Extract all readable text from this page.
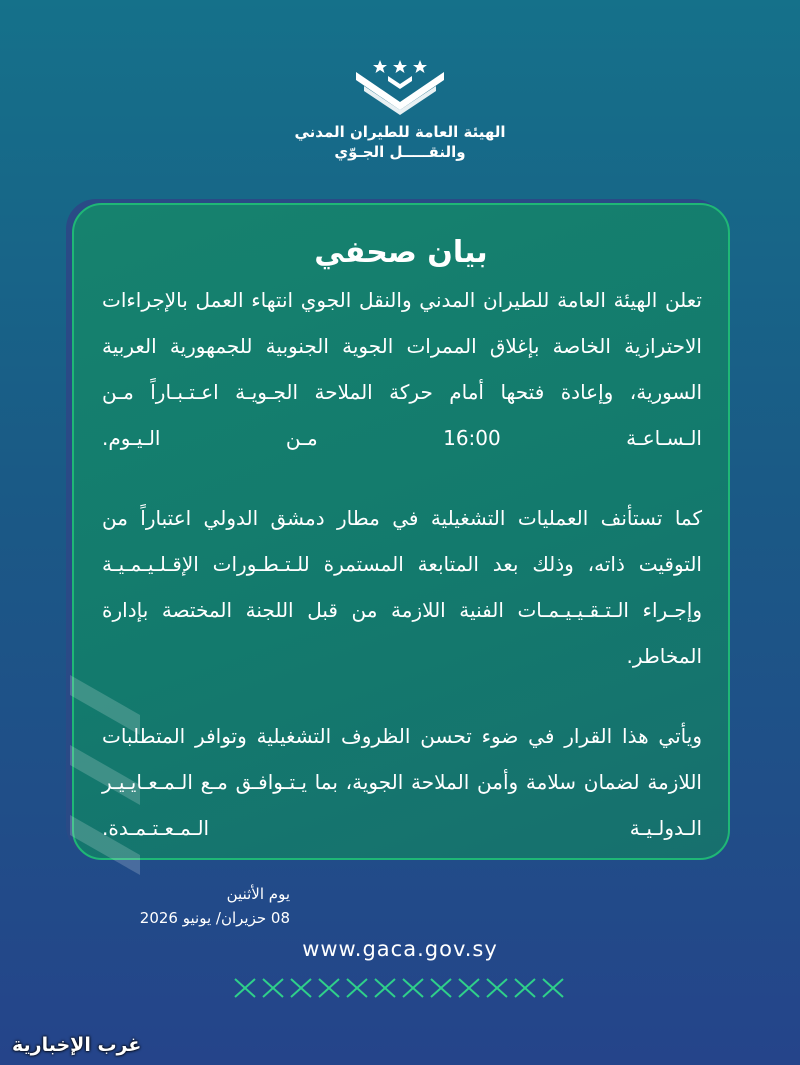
الهيئة العامة للطيران المدني
والنقـــــل الجـوّي
بيان صحفي
تعلن الهيئة العامة للطيران المدني والنقل الجوي انتهاء العمل بالإجراءات الاحترازية الخاصة بإغلاق الممرات الجوية الجنوبية للجمهورية العربية السورية، وإعادة فتحها أمام حركة الملاحة الجـويـة اعـتـبـاراً مـن الـسـاعـة 16:00 مـن الـيـوم.
كما تستأنف العمليات التشغيلية في مطار دمشق الدولي اعتباراً من التوقيت ذاته، وذلك بعد المتابعة المستمرة للـتـطـورات الإقـلـيـمـيـة وإجـراء الـتـقـيـيـمـات الفنية اللازمة من قبل اللجنة المختصة بإدارة المخاطر.
ويأتي هذا القرار في ضوء تحسن الظروف التشغيلية وتوافر المتطلبات اللازمة لضمان سلامة وأمن الملاحة الجوية، بما يـتـوافـق مـع الـمـعـايـيـر الـدولـيـة الـمـعـتـمـدة.
يوم الأثنين
08 حزيران/ يونيو 2026
www.gaca.gov.sy
غرب الإخبارية
